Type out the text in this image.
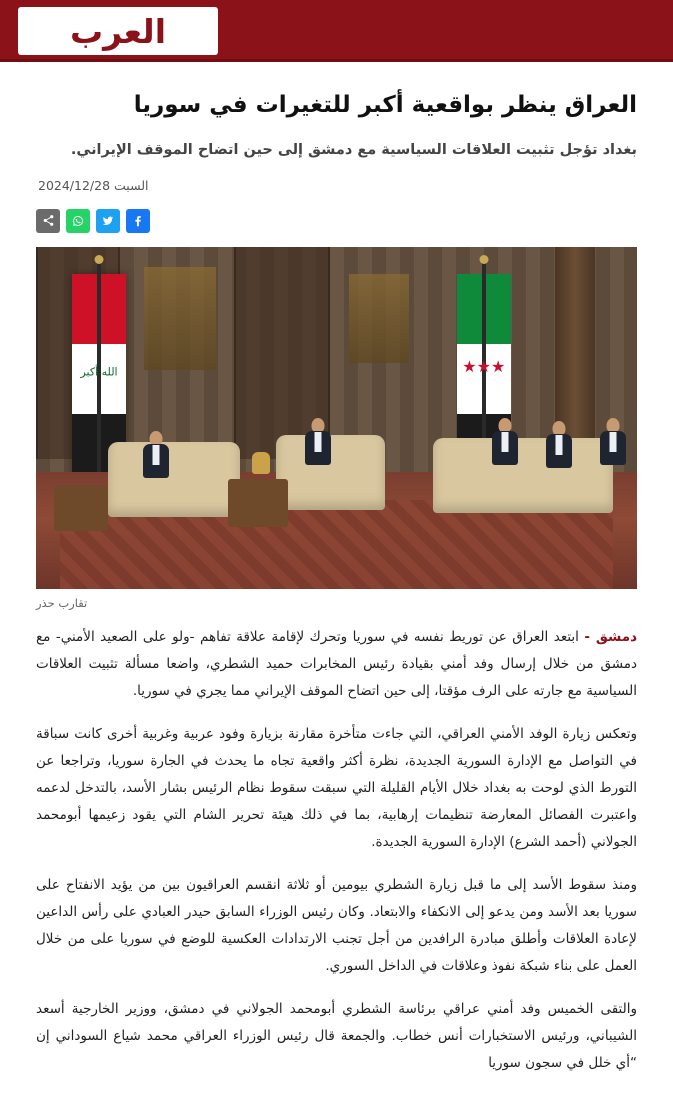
العرب
العراق ينظر بواقعية أكبر للتغيرات في سوريا
بغداد تؤجل تثبيت العلاقات السياسية مع دمشق إلى حين اتضاح الموقف الإيراني.
2024/12/28 السبت
الله أكبر	★★★
تقارب حذر

دمشق - ابتعد العراق عن توريط نفسه في سوريا وتحرك لإقامة علاقة تفاهم -ولو على الصعيد الأمني- مع دمشق من خلال إرسال وفد أمني بقيادة رئيس المخابرات حميد الشطري، واضعا مسألة تثبيت العلاقات السياسية مع جارته على الرف مؤقتا، إلى حين اتضاح الموقف الإيراني مما يجري في سوريا.

وتعكس زيارة الوفد الأمني العراقي، التي جاءت متأخرة مقارنة بزيارة وفود عربية وغربية أخرى كانت سباقة في التواصل مع الإدارة السورية الجديدة، نظرة أكثر واقعية تجاه ما يحدث في الجارة سوريا، وتراجعا عن التورط الذي لوحت به بغداد خلال الأيام القليلة التي سبقت سقوط نظام الرئيس بشار الأسد، بالتدخل لدعمه واعتبرت الفصائل المعارضة تنظيمات إرهابية، بما في ذلك هيئة تحرير الشام التي يقود زعيمها أبومحمد الجولاني (أحمد الشرع) الإدارة السورية الجديدة.

ومنذ سقوط الأسد إلى ما قبل زيارة الشطري بيومين أو ثلاثة انقسم العراقيون بين من يؤيد الانفتاح على سوريا بعد الأسد ومن يدعو إلى الانكفاء والابتعاد. وكان رئيس الوزراء السابق حيدر العبادي على رأس الداعين لإعادة العلاقات وأطلق مبادرة الرافدين من أجل تجنب الارتدادات العكسية للوضع في سوريا على من خلال العمل على بناء شبكة نفوذ وعلاقات في الداخل السوري.

والتقى الخميس وفد أمني عراقي برئاسة الشطري أبومحمد الجولاني في دمشق، ووزير الخارجية أسعد الشيباني، ورئيس الاستخبارات أنس خطاب. والجمعة قال رئيس الوزراء العراقي محمد شياع السوداني إن “أي خلل في سجون سوريا
